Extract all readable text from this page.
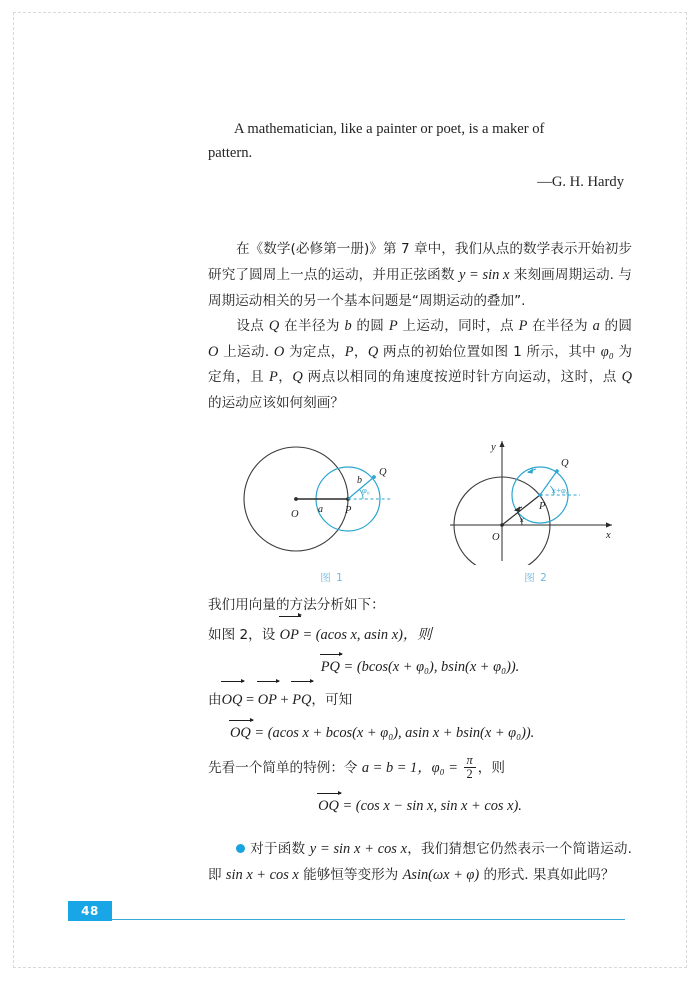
A mathematician, like a painter or poet, is a maker of
pattern.
—G. H. Hardy
在《数学(必修第一册)》第 7 章中，我们从点的数学表示开始初步研究了圆周上一点的运动，并用正弦函数 y = sin x 来刻画周期运动. 与周期运动相关的另一个基本问题是“周期运动的叠加”.
设点 Q 在半径为 b 的圆 P 上运动，同时，点 P 在半径为 a 的圆 O 上运动. O 为定点，P，Q 两点的初始位置如图 1 所示，其中 φ₀ 为定角，且 P，Q 两点以相同的角速度按逆时针方向运动，这时，点 Q 的运动应该如何刻画？
O	P
Q
a
b
φ₀
图 1
O
P
Q
x
y
x
x+φ₀
图 2
我们用向量的方法分析如下：
如图 2，设 OP = (acos x, asin x)，则
PQ = (bcos(x + φ₀), bsin(x + φ₀)).
由OQ = OP + PQ，可知
OQ = (acos x + bcos(x + φ₀), asin x + bsin(x + φ₀)).
先看一个简单的特例：令 a = b = 1，$\varphi_0 = \frac{\pi}{2}$ ，则
OQ = (cos x − sin x, sin x + cos x).
对于函数 y = sin x + cos x，我们猜想它仍然表示一个简谐运动. 即 sin x + cos x 能够恒等变形为 Asin(ωx + φ) 的形式. 果真如此吗？
48
